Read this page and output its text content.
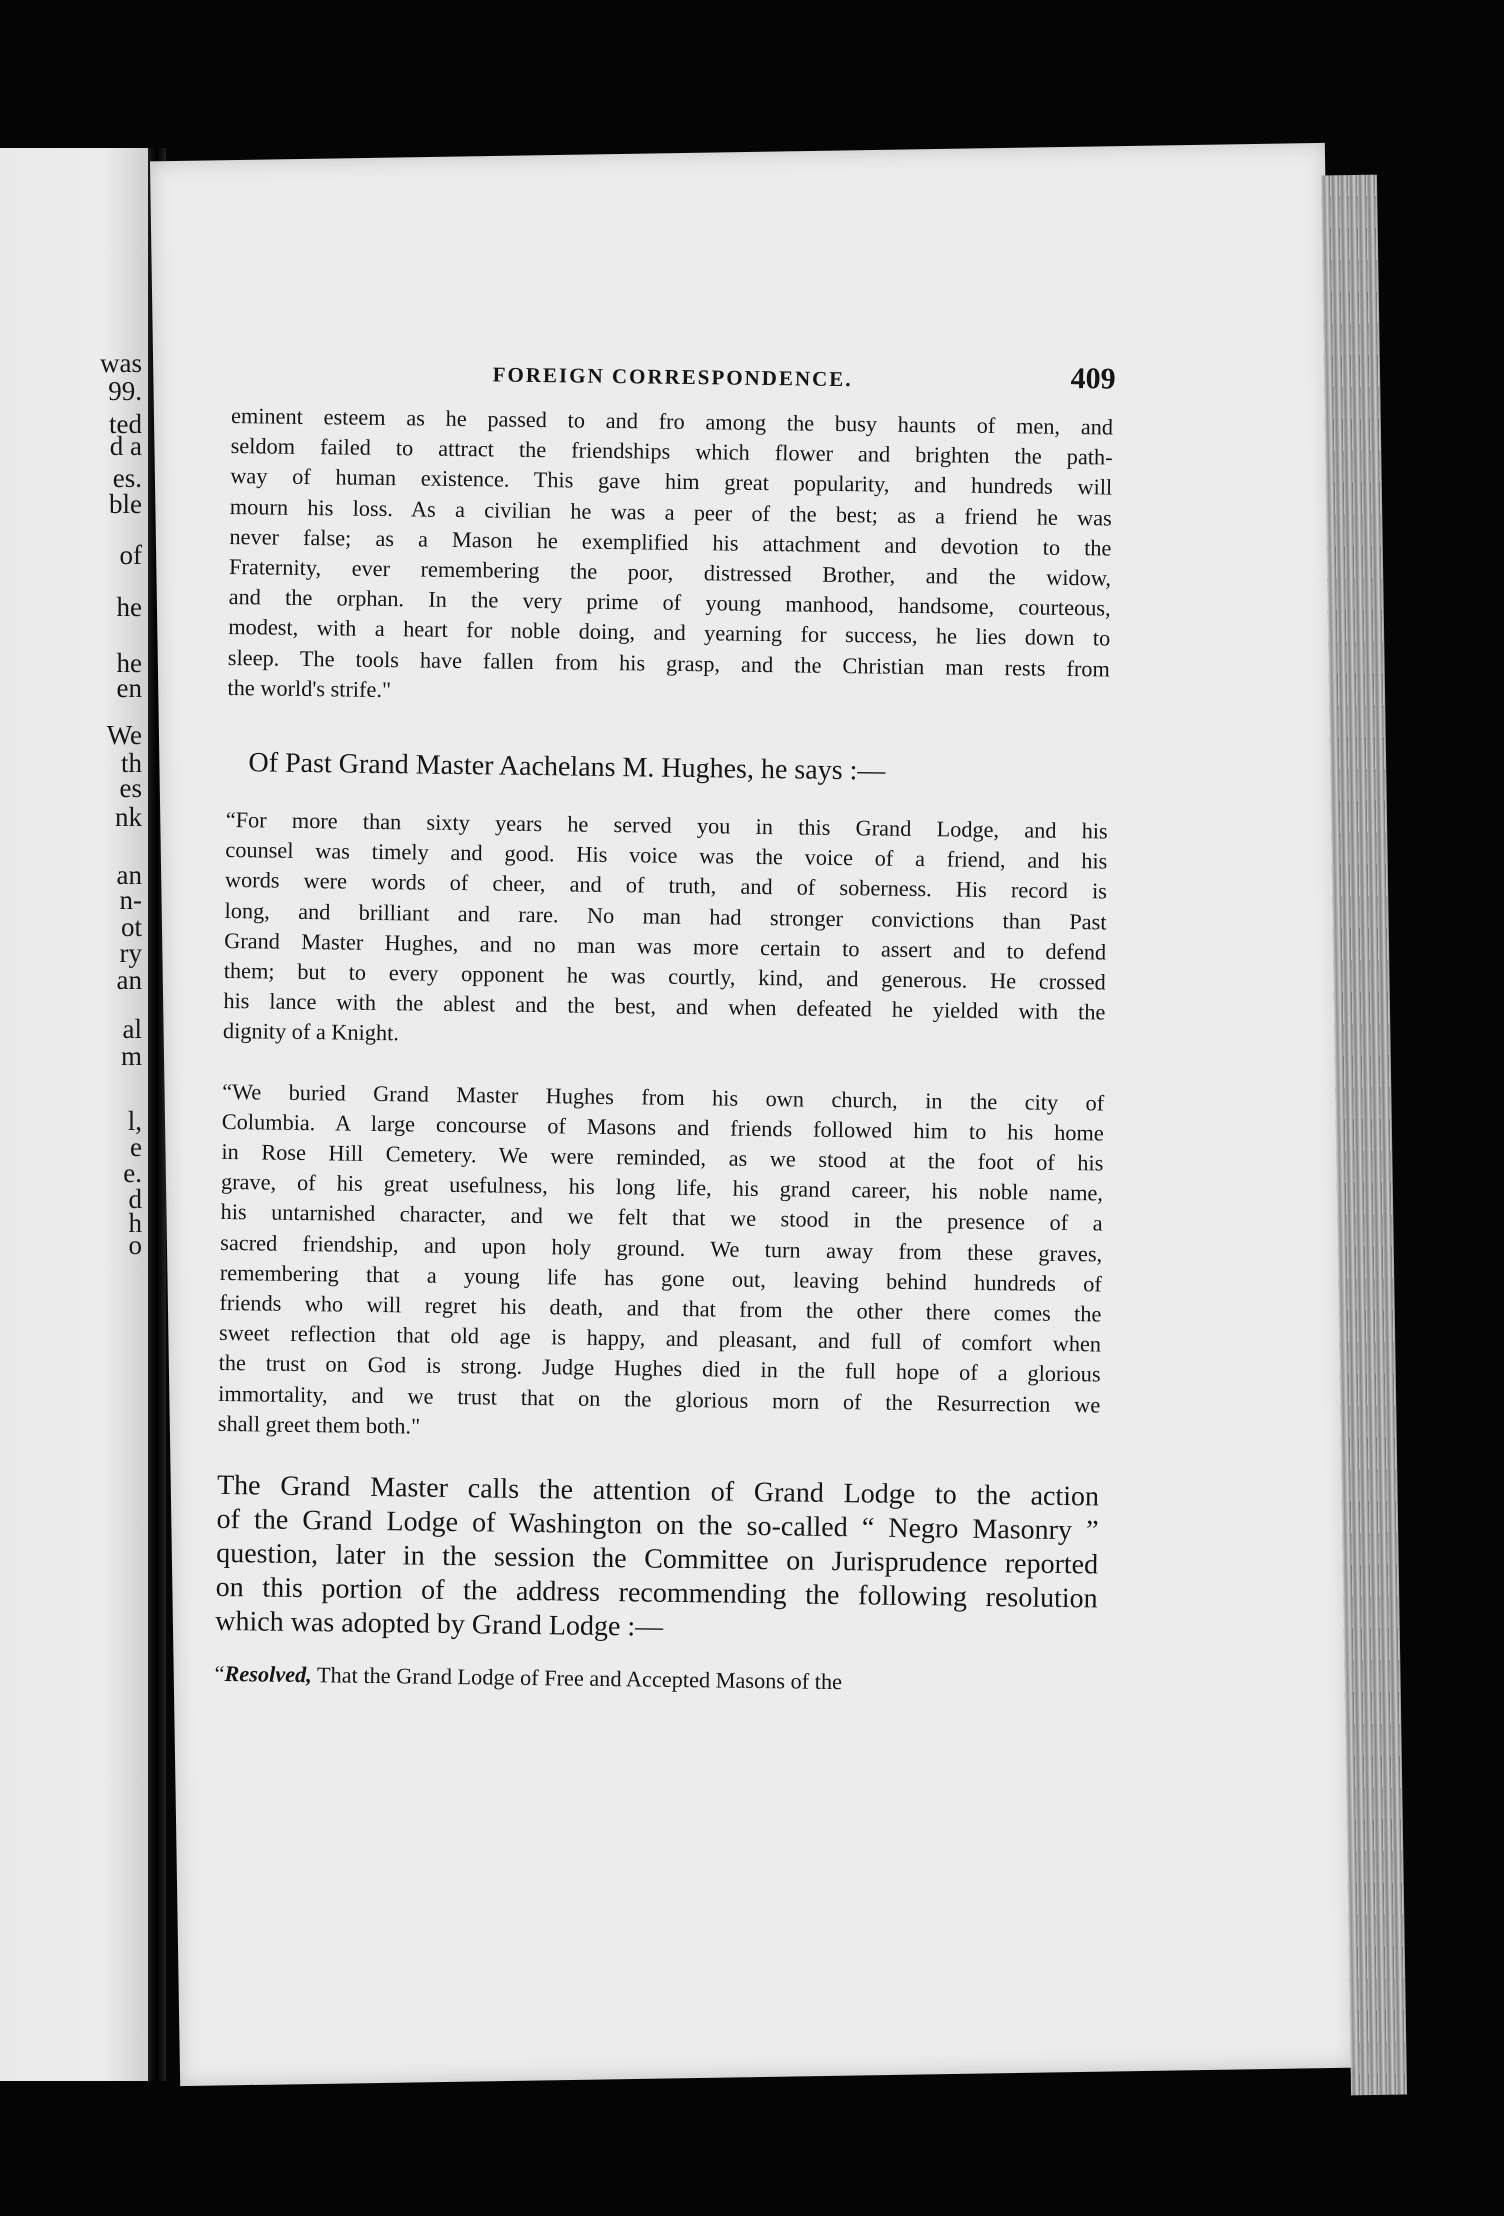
was
99.
ted
d a
es.
ble
of
he
he
en
We
th
es
nk
an
n-
ot
ry
an
al
m
l,
e
e.
d
h
o
FOREIGN CORRESPONDENCE.	409
eminent esteem as he passed to and fro among the busy haunts of men, and
seldom failed to attract the friendships which flower and brighten the path-
way of human existence. This gave him great popularity, and hundreds will
mourn his loss. As a civilian he was a peer of the best; as a friend he was
never false; as a Mason he exemplified his attachment and devotion to the
Fraternity, ever remembering the poor, distressed Brother, and the widow,
and the orphan. In the very prime of young manhood, handsome, courteous,
modest, with a heart for noble doing, and yearning for success, he lies down to
sleep. The tools have fallen from his grasp, and the Christian man rests from
the world's strife."
Of Past Grand Master Aachelans M. Hughes, he says :—
“For more than sixty years he served you in this Grand Lodge, and his
counsel was timely and good. His voice was the voice of a friend, and his
words were words of cheer, and of truth, and of soberness. His record is
long, and brilliant and rare. No man had stronger convictions than Past
Grand Master Hughes, and no man was more certain to assert and to defend
them; but to every opponent he was courtly, kind, and generous. He crossed
his lance with the ablest and the best, and when defeated he yielded with the
dignity of a Knight.
“We buried Grand Master Hughes from his own church, in the city of
Columbia. A large concourse of Masons and friends followed him to his home
in Rose Hill Cemetery. We were reminded, as we stood at the foot of his
grave, of his great usefulness, his long life, his grand career, his noble name,
his untarnished character, and we felt that we stood in the presence of a
sacred friendship, and upon holy ground. We turn away from these graves,
remembering that a young life has gone out, leaving behind hundreds of
friends who will regret his death, and that from the other there comes the
sweet reflection that old age is happy, and pleasant, and full of comfort when
the trust on God is strong. Judge Hughes died in the full hope of a glorious
immortality, and we trust that on the glorious morn of the Resurrection we
shall greet them both."
The Grand Master calls the attention of Grand Lodge to the action
of the Grand Lodge of Washington on the so-called “ Negro Masonry ”
question, later in the session the Committee on Jurisprudence reported
on this portion of the address recommending the following resolution
which was adopted by Grand Lodge :—
“Resolved, That the Grand Lodge of Free and Accepted Masons of the
